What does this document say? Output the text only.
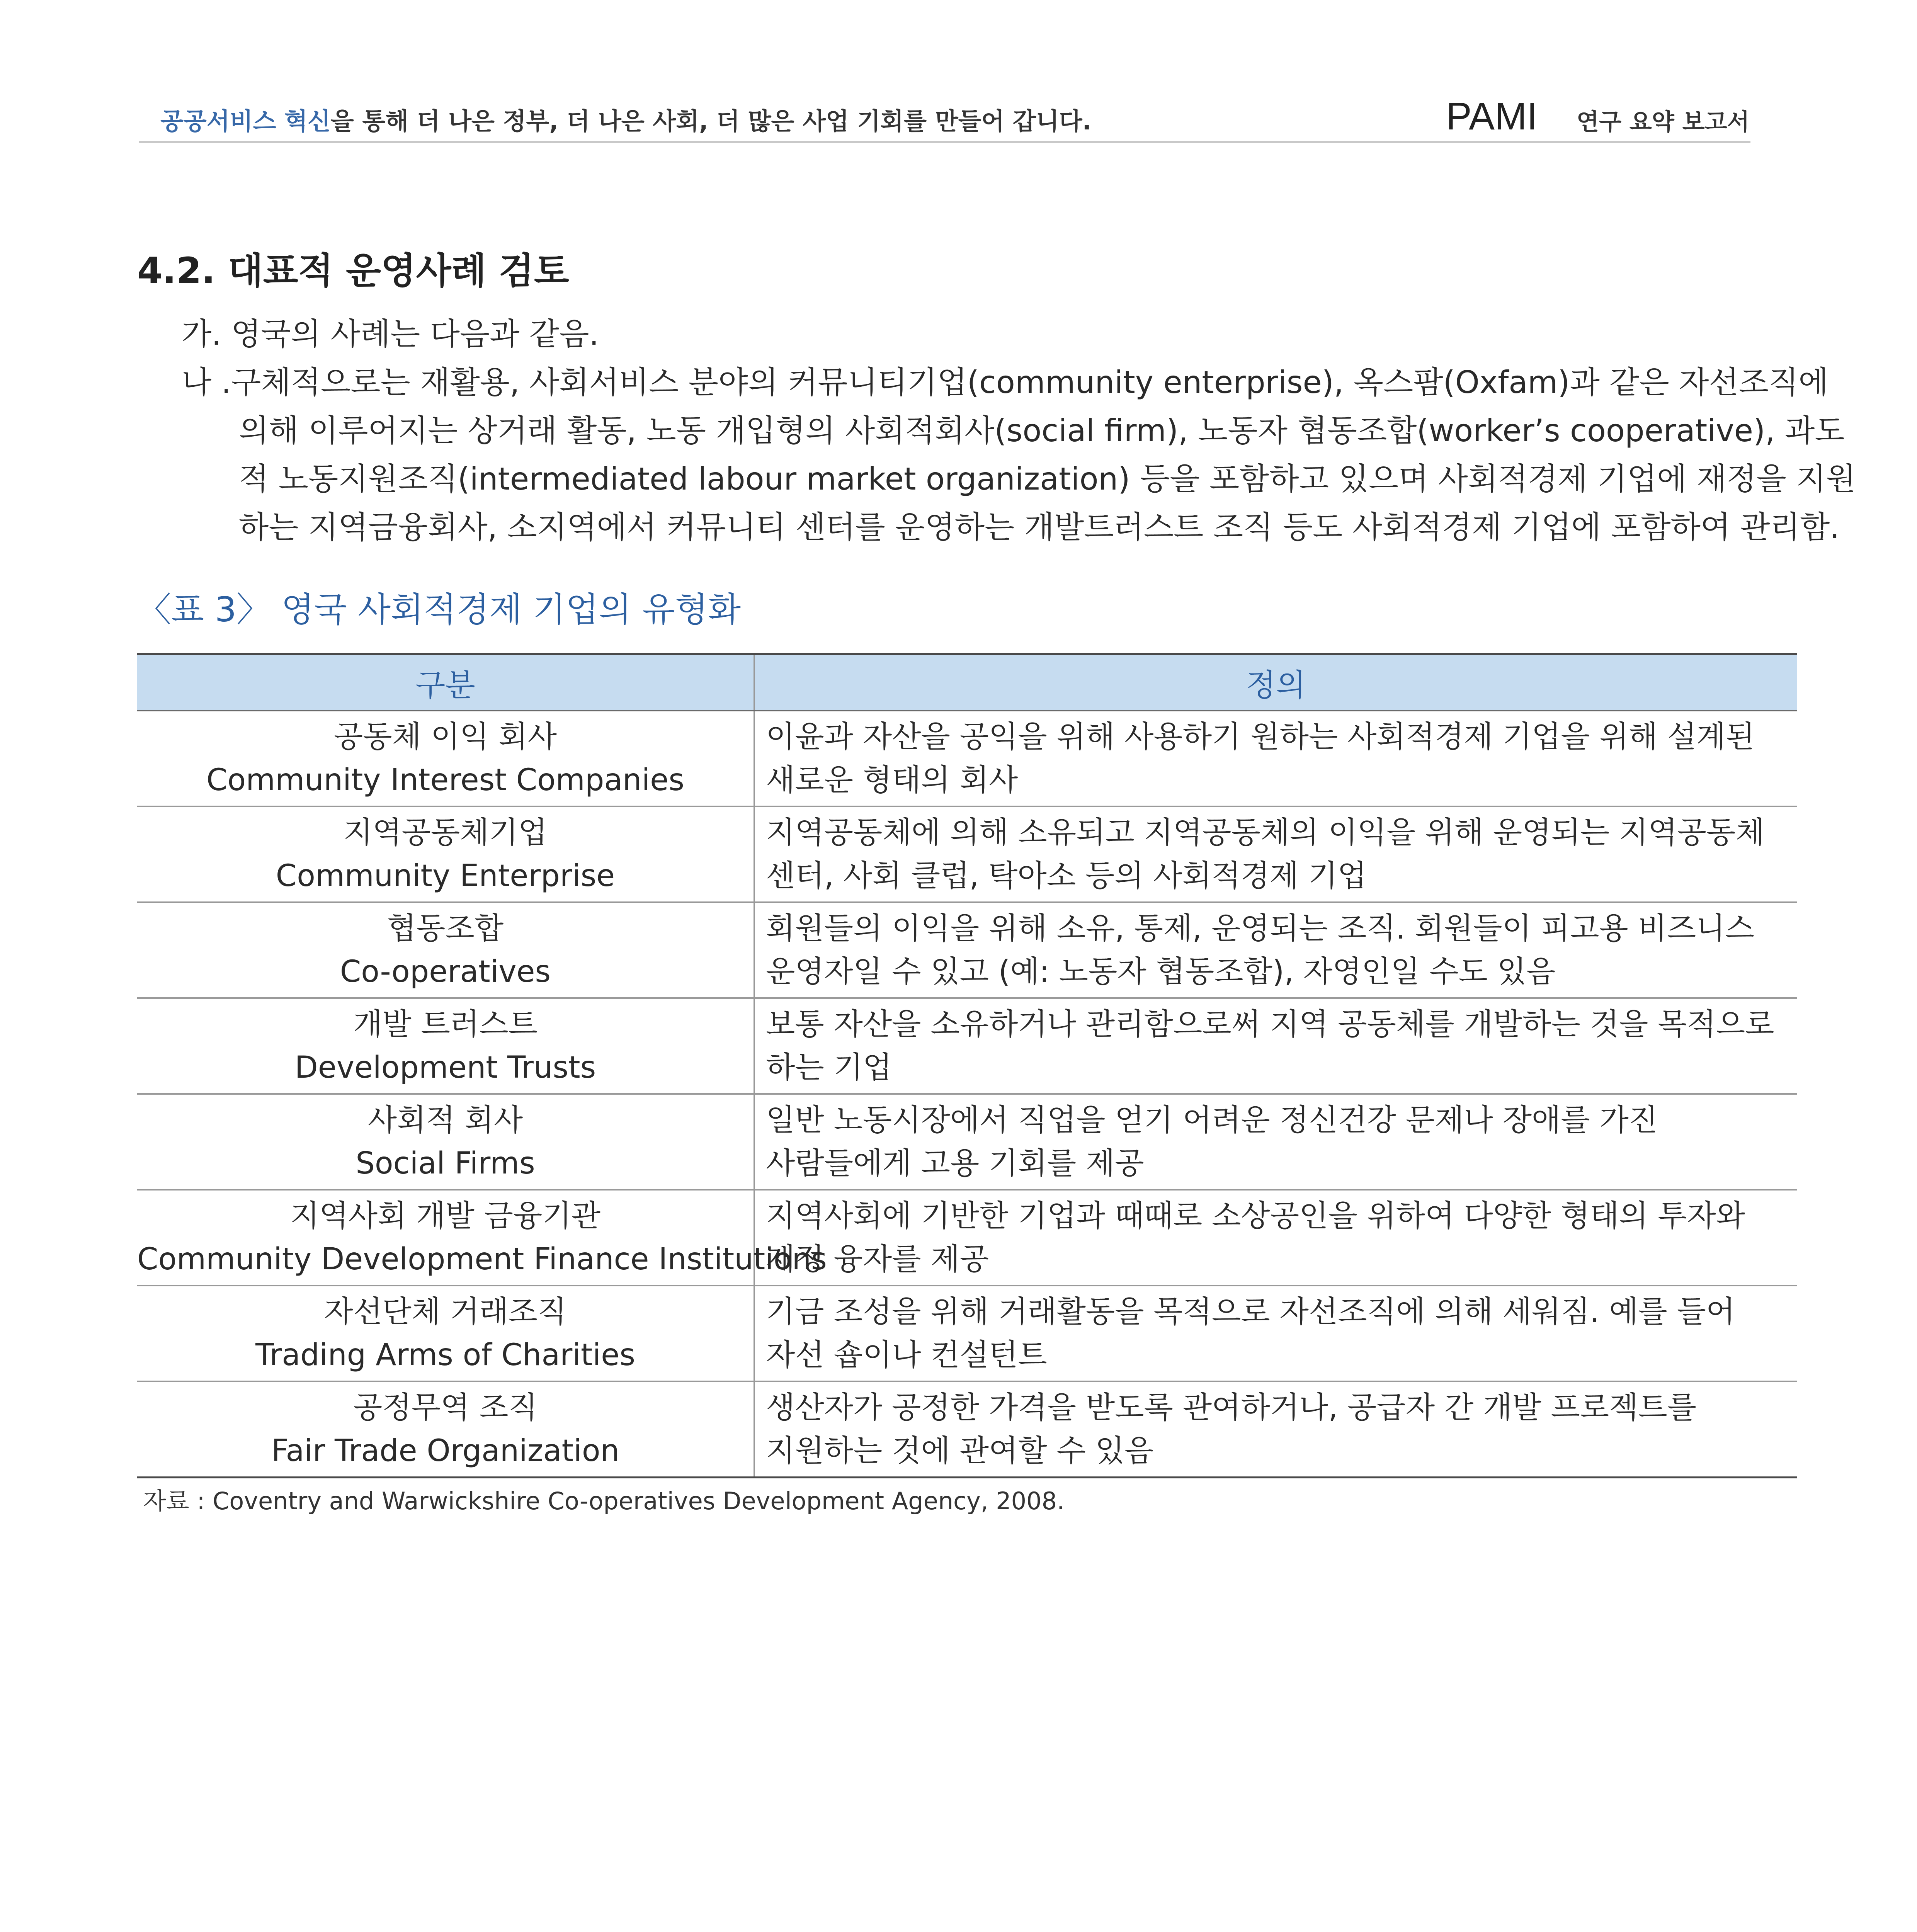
공공서비스 혁신을 통해 더 나은 정부, 더 나은 사회, 더 많은 사업 기회를 만들어 갑니다.	PAMI 연구 요약 보고서
4.2. 대표적 운영사례 검토
가. 영국의 사례는 다음과 같음.
나 .구체적으로는 재활용, 사회서비스 분야의 커뮤니티기업(community enterprise), 옥스팜(Oxfam)과 같은 자선조직에
의해 이루어지는 상거래 활동, 노동 개입형의 사회적회사(social firm), 노동자 협동조합(worker’s cooperative), 과도
적 노동지원조직(intermediated labour market organization) 등을 포함하고 있으며 사회적경제 기업에 재정을 지원
하는 지역금융회사, 소지역에서 커뮤니티 센터를 운영하는 개발트러스트 조직 등도 사회적경제 기업에 포함하여 관리함.
〈표 3〉 영국 사회적경제 기업의 유형화
구분	정의

공동체 이익 회사
Community Interest Companies	이윤과 자산을 공익을 위해 사용하기 원하는 사회적경제 기업을 위해 설계된
새로운 형태의 회사

지역공동체기업
Community Enterprise	지역공동체에 의해 소유되고 지역공동체의 이익을 위해 운영되는 지역공동체
센터, 사회 클럽, 탁아소 등의 사회적경제 기업

협동조합
Co-operatives	회원들의 이익을 위해 소유, 통제, 운영되는 조직. 회원들이 피고용 비즈니스
운영자일 수 있고 (예: 노동자 협동조합), 자영인일 수도 있음

개발 트러스트
Development Trusts	보통 자산을 소유하거나 관리함으로써 지역 공동체를 개발하는 것을 목적으로
하는 기업

사회적 회사
Social Firms	일반 노동시장에서 직업을 얻기 어려운 정신건강 문제나 장애를 가진
사람들에게 고용 기회를 제공

지역사회 개발 금융기관
Community Development Finance Institutions	지역사회에 기반한 기업과 때때로 소상공인을 위하여 다양한 형태의 투자와
재정 융자를 제공

자선단체 거래조직
Trading Arms of Charities	기금 조성을 위해 거래활동을 목적으로 자선조직에 의해 세워짐. 예를 들어
자선 숍이나 컨설턴트

공정무역 조직
Fair Trade Organization	생산자가 공정한 가격을 받도록 관여하거나, 공급자 간 개발 프로젝트를
지원하는 것에 관여할 수 있음
자료 : Coventry and Warwickshire Co-operatives Development Agency, 2008.
